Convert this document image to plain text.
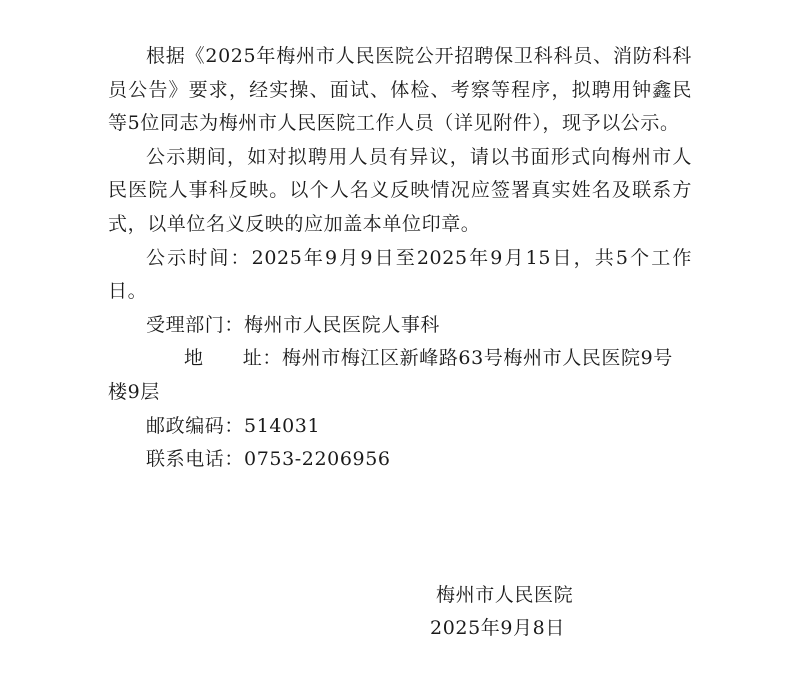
根据《2025年梅州市人民医院公开招聘保卫科科员、消防科科员公告》要求，经实操、面试、体检、考察等程序，拟聘用钟鑫民等5位同志为梅州市人民医院工作人员（详见附件），现予以公示。

公示期间，如对拟聘用人员有异议，请以书面形式向梅州市人民医院人事科反映。以个人名义反映情况应签署真实姓名及联系方式，以单位名义反映的应加盖本单位印章。

公示时间：2025年9月9日至2025年9月15日，共5个工作日。

受理部门：梅州市人民医院人事科

地　　址：梅州市梅江区新峰路63号梅州市人民医院9号楼9层

邮政编码：514031

联系电话：0753-2206956

梅州市人民医院

2025年9月8日
